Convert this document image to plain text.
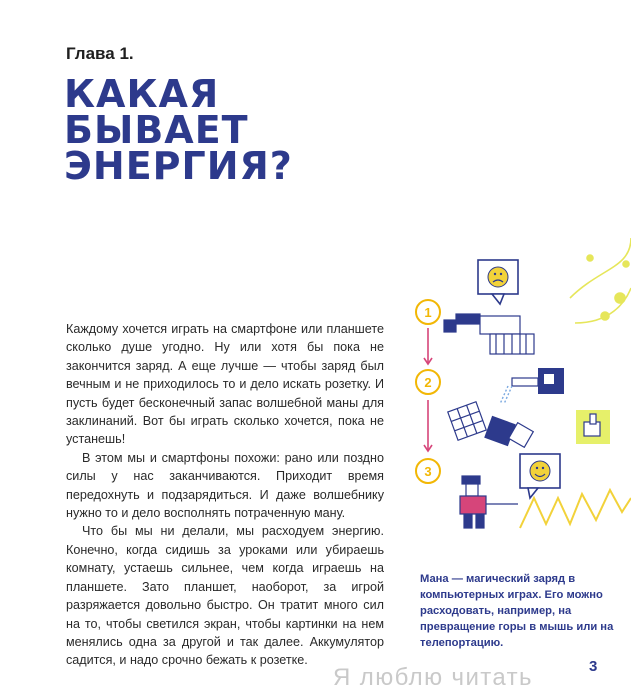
Глава 1.
КАКАЯ
БЫВАЕТ
ЭНЕРГИЯ?

Каждому хочется играть на смартфоне или планшете сколько душе угодно. Ну или хотя бы пока не закончится заряд. А еще лучше — чтобы заряд был вечным и не приходилось то и дело искать розетку. И пусть будет бесконечный запас волшебной маны для заклинаний. Вот бы играть сколько хочется, пока не устанешь!

В этом мы и смартфоны похожи: рано или поздно силы у нас заканчиваются. Приходит время передохнуть и подзарядиться. И даже волшебнику нужно то и дело восполнять потраченную ману.

Что бы мы ни делали, мы расходуем энергию. Конечно, когда сидишь за уроками или убираешь комнату, устаешь сильнее, чем когда играешь на планшете. Зато планшет, наоборот, за игрой разряжается довольно быстро. Он тратит много сил на то, чтобы светился экран, чтобы картинки на нем менялись одна за другой и так далее. Аккумулятор садится, и надо срочно бежать к розетке.

1
2
3
Мана — магический заряд в компьютерных играх. Его можно расходовать, например, на превращение горы в мышь или на телепортацию.
Я люблю читать	3
